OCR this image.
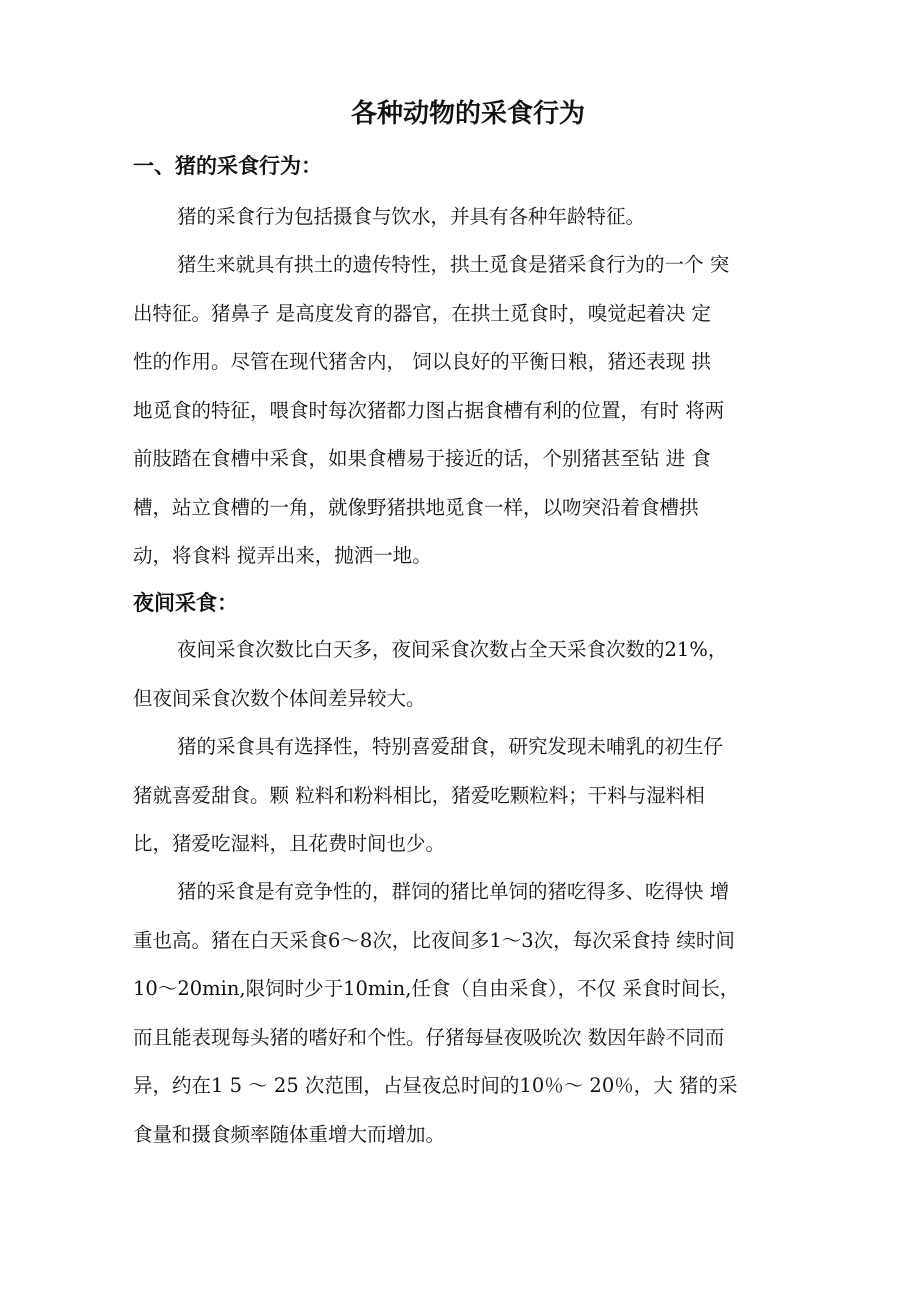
各种动物的采食行为
一、猪的采食行为：

猪的采食行为包括摄食与饮水，并具有各种年龄特征。

猪生来就具有拱土的遗传特性，拱土觅食是猪采食行为的一个 突
出特征。猪鼻子 是高度发育的器官，在拱土觅食时，嗅觉起着决 定
性的作用。尽管在现代猪舍内， 饲以良好的平衡日粮，猪还表现 拱
地觅食的特征，喂食时每次猪都力图占据食槽有利的位置，有时 将两
前肢踏在食槽中采食，如果食槽易于接近的话，个别猪甚至钻 进 食
槽，站立食槽的一角，就像野猪拱地觅食一样，以吻突沿着食槽拱
动，将食料 搅弄出来，抛洒一地。

夜间采食：

夜间采食次数比白天多，夜间采食次数占全天采食次数的21%，
但夜间采食次数个体间差异较大。

猪的采食具有选择性，特别喜爱甜食，研究发现未哺乳的初生仔
猪就喜爱甜食。颗 粒料和粉料相比，猪爱吃颗粒料；干料与湿料相
比，猪爱吃湿料，且花费时间也少。

猪的采食是有竞争性的，群饲的猪比单饲的猪吃得多、吃得快 增
重也高。猪在白天采食6～8次，比夜间多1～3次，每次采食持 续时间
10～20min,限饲时少于10min,任食（自由采食），不仅 采食时间长，
而且能表现每头猪的嗜好和个性。仔猪每昼夜吸吮次 数因年龄不同而
异，约在1 5 ～ 25 次范围，占昼夜总时间的10％～ 20％，大 猪的采
食量和摄食频率随体重增大而增加。
